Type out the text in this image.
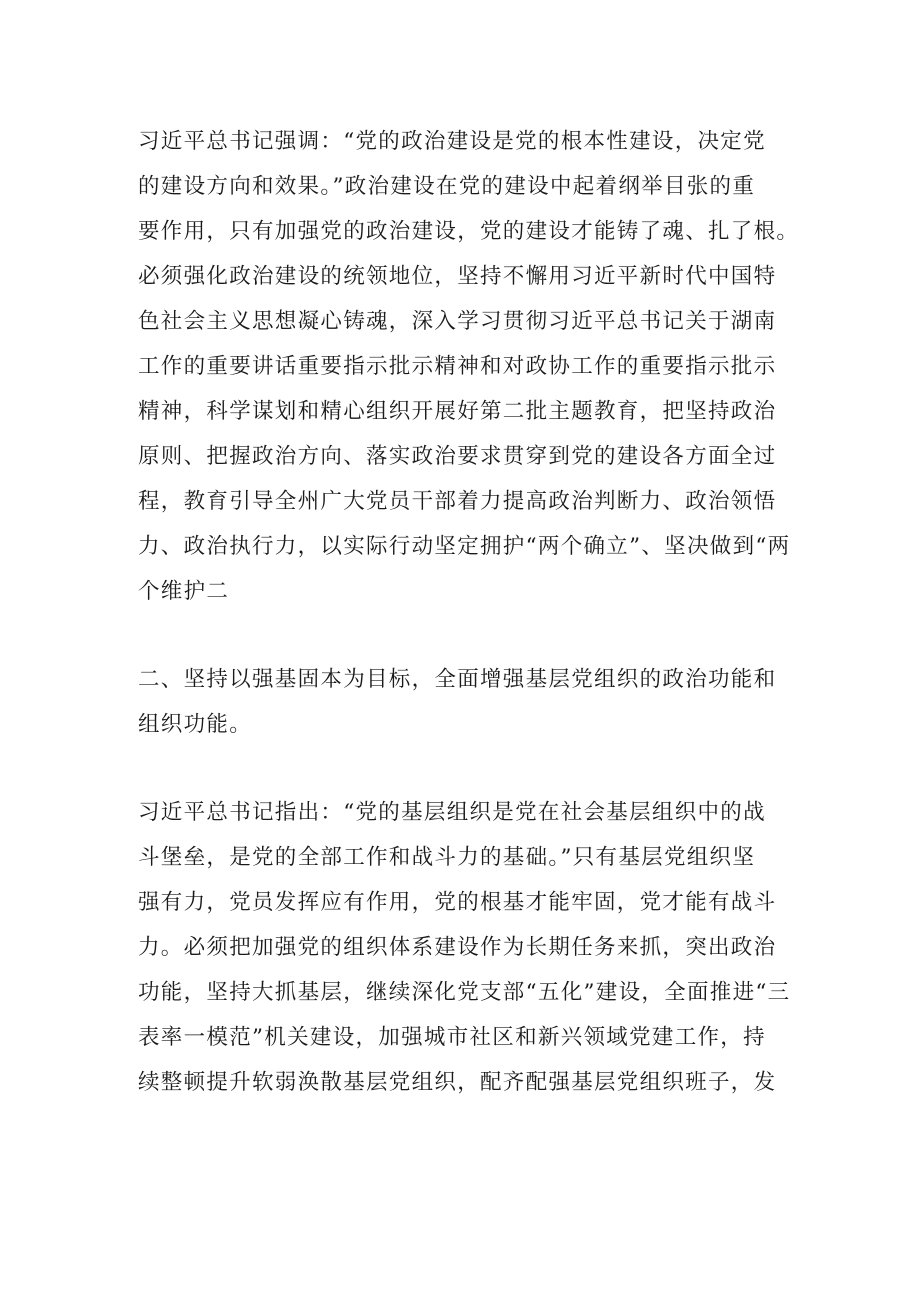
习近平总书记强调：“党的政治建设是党的根本性建设，决定党
的建设方向和效果。”政治建设在党的建设中起着纲举目张的重
要作用，只有加强党的政治建设，党的建设才能铸了魂、扎了根。
必须强化政治建设的统领地位，坚持不懈用习近平新时代中国特
色社会主义思想凝心铸魂，深入学习贯彻习近平总书记关于湖南
工作的重要讲话重要指示批示精神和对政协工作的重要指示批示
精神，科学谋划和精心组织开展好第二批主题教育，把坚持政治
原则、把握政治方向、落实政治要求贯穿到党的建设各方面全过
程，教育引导全州广大党员干部着力提高政治判断力、政治领悟
力、政治执行力，以实际行动坚定拥护“两个确立”、坚决做到“两
个维护二
二、坚持以强基固本为目标，全面增强基层党组织的政治功能和
组织功能。
习近平总书记指出：“党的基层组织是党在社会基层组织中的战
斗堡垒，是党的全部工作和战斗力的基础。”只有基层党组织坚
强有力，党员发挥应有作用，党的根基才能牢固，党才能有战斗
力。必须把加强党的组织体系建设作为长期任务来抓，突出政治
功能，坚持大抓基层，继续深化党支部“五化”建设，全面推进“三
表率一模范”机关建设，加强城市社区和新兴领域党建工作，持
续整顿提升软弱涣散基层党组织，配齐配强基层党组织班子，发
